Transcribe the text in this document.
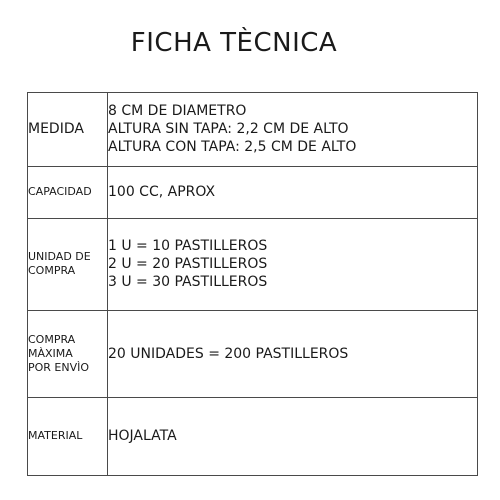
FICHA TÈCNICA
MEDIDA	8 CM DE DIAMETRO
ALTURA SIN TAPA: 2,2 CM DE ALTO
ALTURA CON TAPA: 2,5 CM DE ALTO

CAPACIDAD	100 CC, APROX

UNIDAD DE
COMPRA	1 U = 10 PASTILLEROS
2 U = 20 PASTILLEROS
3 U = 30 PASTILLEROS

COMPRA
MÀXIMA
POR ENVÌO	20 UNIDADES = 200 PASTILLEROS

MATERIAL	HOJALATA
